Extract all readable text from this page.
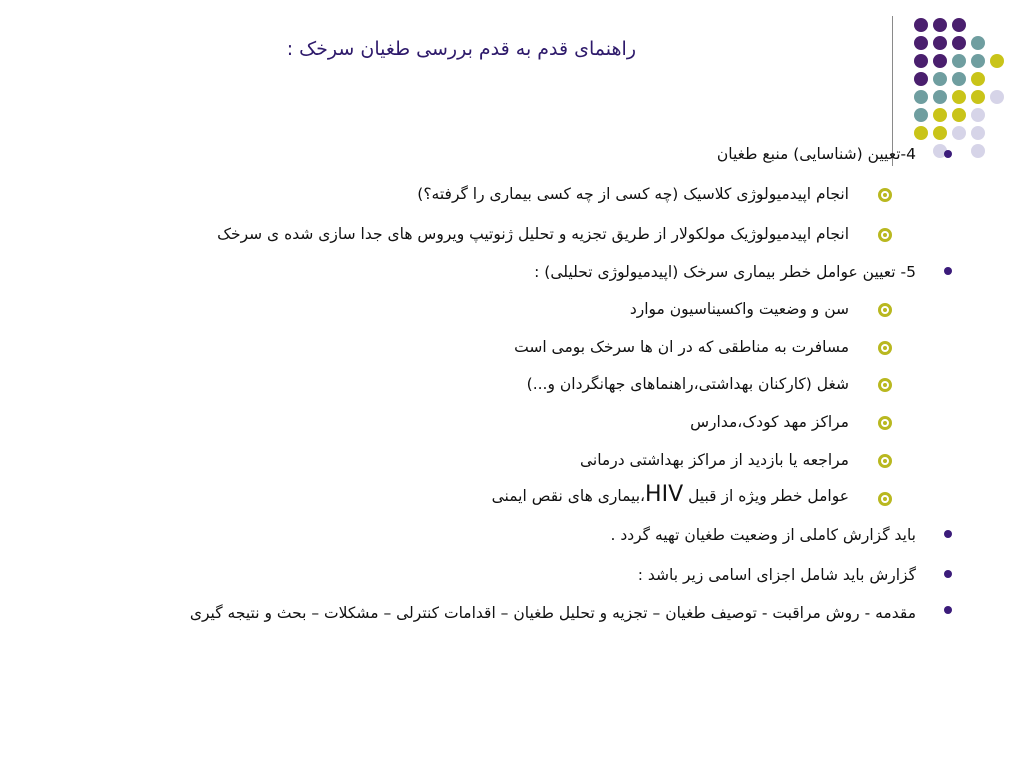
راهنمای قدم به قدم بررسی طغیان سرخک :
4-تعیین (شناسایی) منبع طغیان
انجام اپیدمیولوژی کلاسیک (چه کسی از چه کسی بیماری را گرفته؟)
انجام اپیدمیولوژیک مولکولار از طریق تجزیه و تحلیل ژنوتیپ ویروس های جدا سازی شده ی سرخک
5- تعیین عوامل خطر بیماری سرخک (اپیدمیولوژی تحلیلی) :
سن و وضعیت واکسیناسیون موارد
مسافرت به مناطقی که در ان ها سرخک بومی است
شغل (کارکنان بهداشتی،راهنماهای جهانگردان و...)
مراکز مهد کودک،مدارس
مراجعه یا بازدید از مراکز بهداشتی درمانی
عوامل خطر ویژه از قبیل HIV،بیماری های نقص ایمنی
باید گزارش کاملی از وضعیت طغیان تهیه گردد .
گزارش باید شامل اجزای اسامی زیر باشد :
مقدمه - روش مراقبت - توصیف طغیان – تجزیه و تحلیل طغیان – اقدامات کنترلی – مشکلات – بحث و نتیجه گیری
